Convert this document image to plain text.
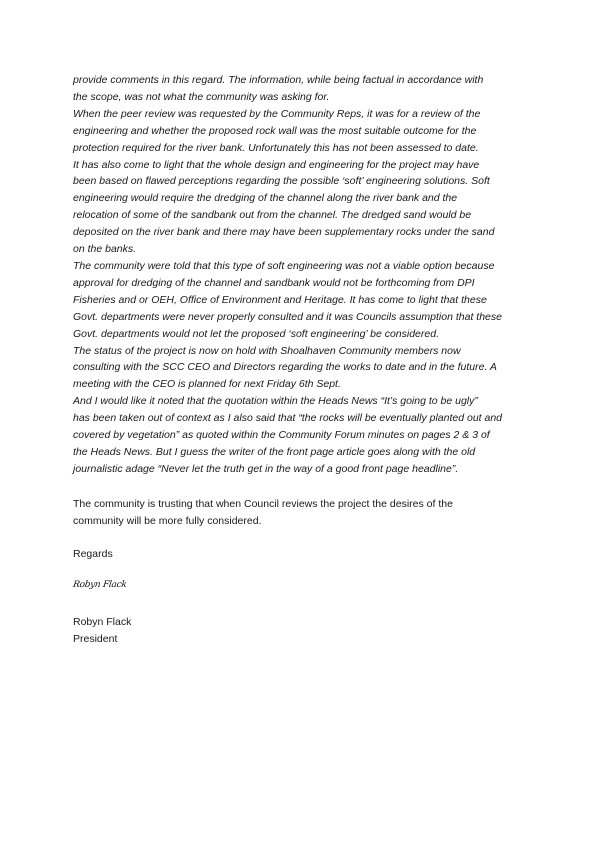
provide comments in this regard. The information, while being factual in accordance with
the scope, was not what the community was asking for.
When the peer review was requested by the Community Reps, it was for a review of the
engineering and whether the proposed rock wall was the most suitable outcome for the
protection required for the river bank. Unfortunately this has not been assessed to date.
It has also come to light that the whole design and engineering for the project may have
been based on flawed perceptions regarding the possible ‘soft’ engineering solutions. Soft
engineering would require the dredging of the channel along the river bank and the
relocation of some of the sandbank out from the channel. The dredged sand would be
deposited on the river bank and there may have been supplementary rocks under the sand
on the banks.
The community were told that this type of soft engineering was not a viable option because
approval for dredging of the channel and sandbank would not be forthcoming from DPI
Fisheries and or OEH, Office of Environment and Heritage. It has come to light that these
Govt. departments were never properly consulted and it was Councils assumption that these
Govt. departments would not let the proposed ‘soft engineering’ be considered.
The status of the project is now on hold with Shoalhaven Community members now
consulting with the SCC CEO and Directors regarding the works to date and in the future. A
meeting with the CEO is planned for next Friday 6th Sept.
And I would like it noted that the quotation within the Heads News “It’s going to be ugly”
has been taken out of context as I also said that “the rocks will be eventually planted out and
covered by vegetation” as quoted within the Community Forum minutes on pages 2 & 3 of
the Heads News. But I guess the writer of the front page article goes along with the old
journalistic adage “Never let the truth get in the way of a good front page headline”.
The community is trusting that when Council reviews the project the desires of the
community will be more fully considered.
Regards
Robyn Flack
Robyn Flack
President
